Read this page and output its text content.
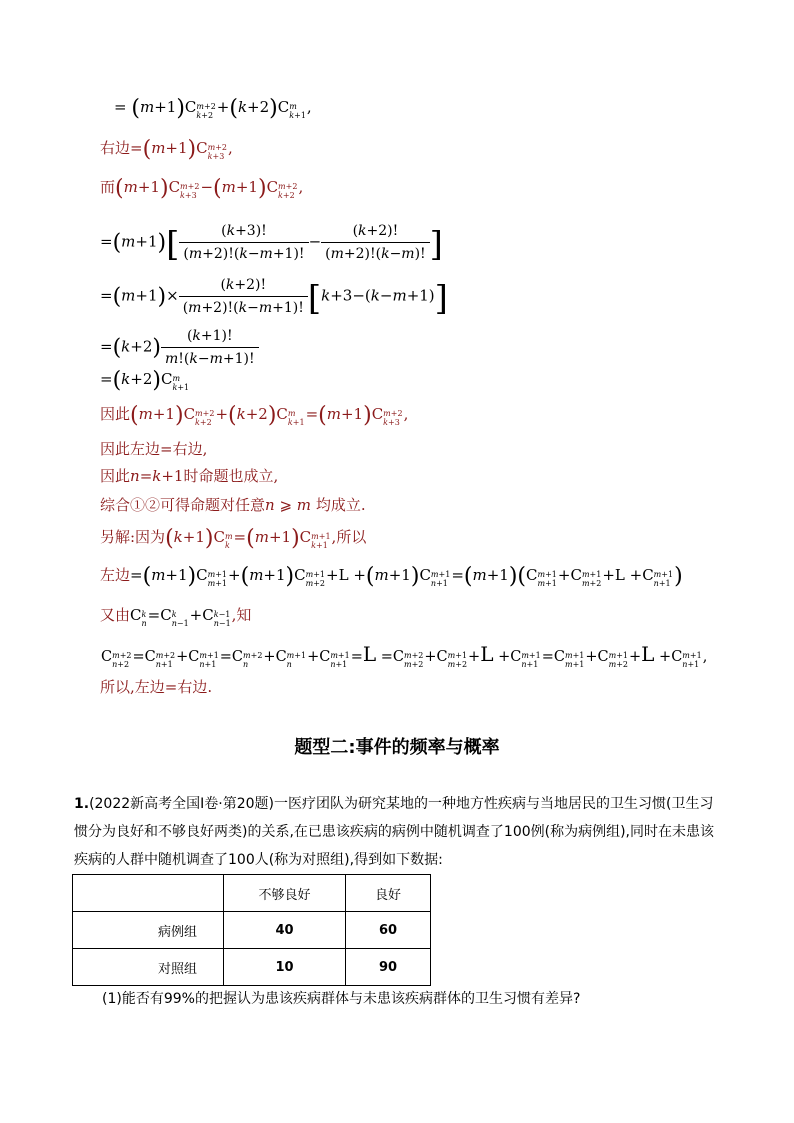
= (m+1)C m+2
k+2 +(k+2)C m
k+1 ,
右边=(m+1)C m+2
k+3 ,
而(m+1)C m+2
k+3 −(m+1)C m+2
k+2 ,
$=(m+1)[ \frac{(k+3)!}{(m+2)!(k-m+1)!} - \frac{(k+2)!}{(m+2)!(k-m)!}$ ]
$=(m+1)\times \frac{(k+2)!}{(m+2)!(k-m+1)!} [k+3-(k-m+1)]$
$=(k+2) \frac{(k+1)!}{m!(k-m+1)!}$
=(k+2)C m
k+1
因此(m+1)C m+2
k+2 +(k+2)C m
k+1 =(m+1)C m+2
k+3 ,
因此左边=右边,
因此n=k+1时命题也成立,
综合①②可得命题对任意n ⩾ m 均成立.
另解:因为(k+1)C m
k =(m+1)C m+1
k+1 ,所以
左边=(m+1)C m+1
m+1 +(m+1)C m+1
m+2 +L +(m+1)C m+1
n+1 =(m+1)(C m+1
m+1 +C m+1
m+2 +L +C m+1
n+1 )
又由C k
n =C k
n−1 +C k−1
n−1 ,知
C m+2
n+2 =C m+2
n+1 +C m+1
n+1 =C m+2
n	+C m+1
n	+C m+1
n+1 =L =C m+2
m+2 +C m+1
m+2 +L +C m+1
n+1 =C m+1
m+1 +C m+1
m+2 +L +C m+1
n+1 ,
所以,左边=右边.
题型二:事件的频率与概率
1.(2022新高考全国Ⅰ卷·第20题)一医疗团队为研究某地的一种地方性疾病与当地居民的卫生习惯(卫生习惯分为良好和不够良好两类)的关系,在已患该疾病的病例中随机调查了100例(称为病例组),同时在未患该疾病的人群中随机调查了100人(称为对照组),得到如下数据:
	不够良好	良好
病例组	40	60
对照组	10	90
(1)能否有99%的把握认为患该疾病群体与未患该疾病群体的卫生习惯有差异?
